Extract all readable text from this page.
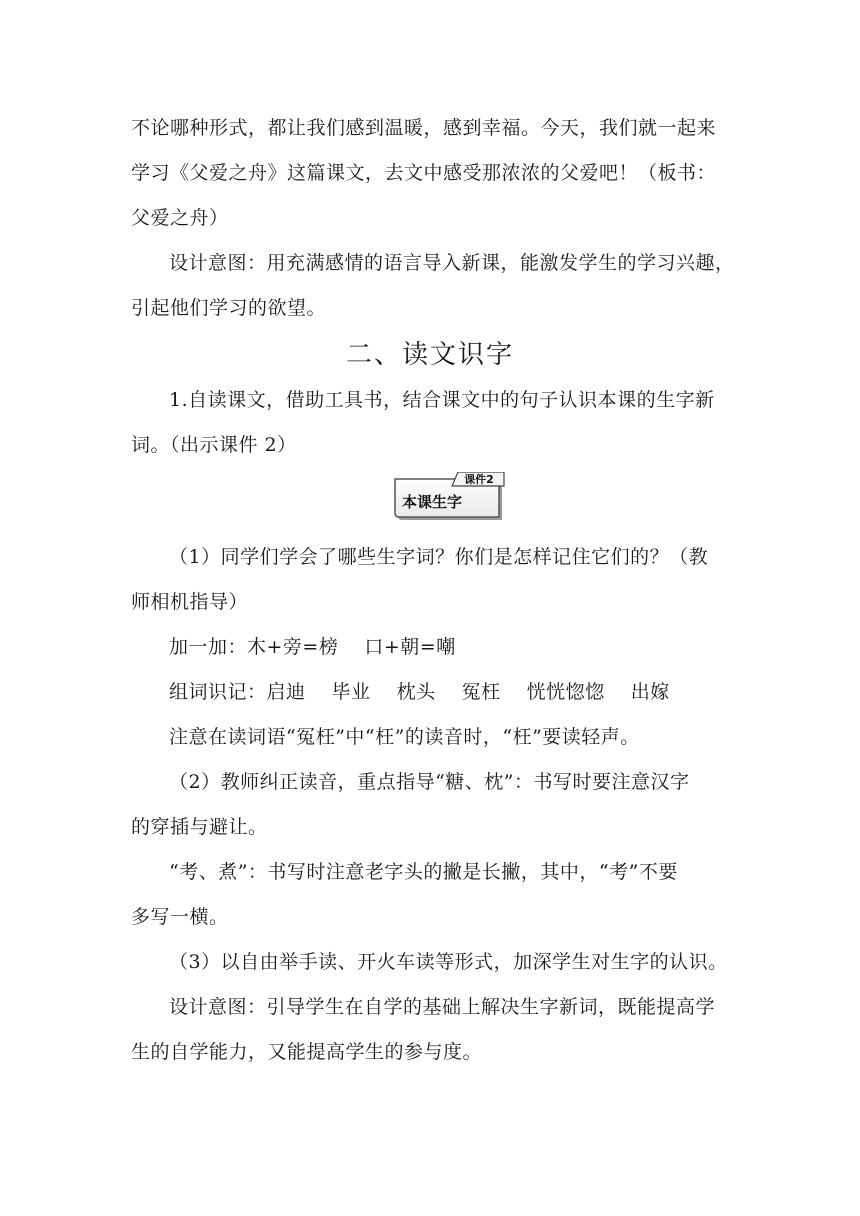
不论哪种形式，都让我们感到温暖，感到幸福。今天，我们就一起来
学习《父爱之舟》这篇课文，去文中感受那浓浓的父爱吧！（板书：
父爱之舟）
设计意图：用充满感情的语言导入新课，能激发学生的学习兴趣，
引起他们学习的欲望。
二、读文识字
1.自读课文，借助工具书，结合课文中的句子认识本课的生字新
词。（出示课件 2）
课件2
本课生字
（1）同学们学会了哪些生字词？你们是怎样记住它们的？（教
师相机指导）
加一加：木+旁=榜　 口+朝=嘲
组词识记：启迪　 毕业　 枕头　 冤枉　 恍恍惚惚　 出嫁
注意在读词语“冤枉”中“枉”的读音时，“枉”要读轻声。
（2）教师纠正读音，重点指导“糖、枕”：书写时要注意汉字
的穿插与避让。
“考、煮”：书写时注意老字头的撇是长撇，其中，“考”不要
多写一横。
（3）以自由举手读、开火车读等形式，加深学生对生字的认识。
设计意图：引导学生在自学的基础上解决生字新词，既能提高学
生的自学能力，又能提高学生的参与度。
